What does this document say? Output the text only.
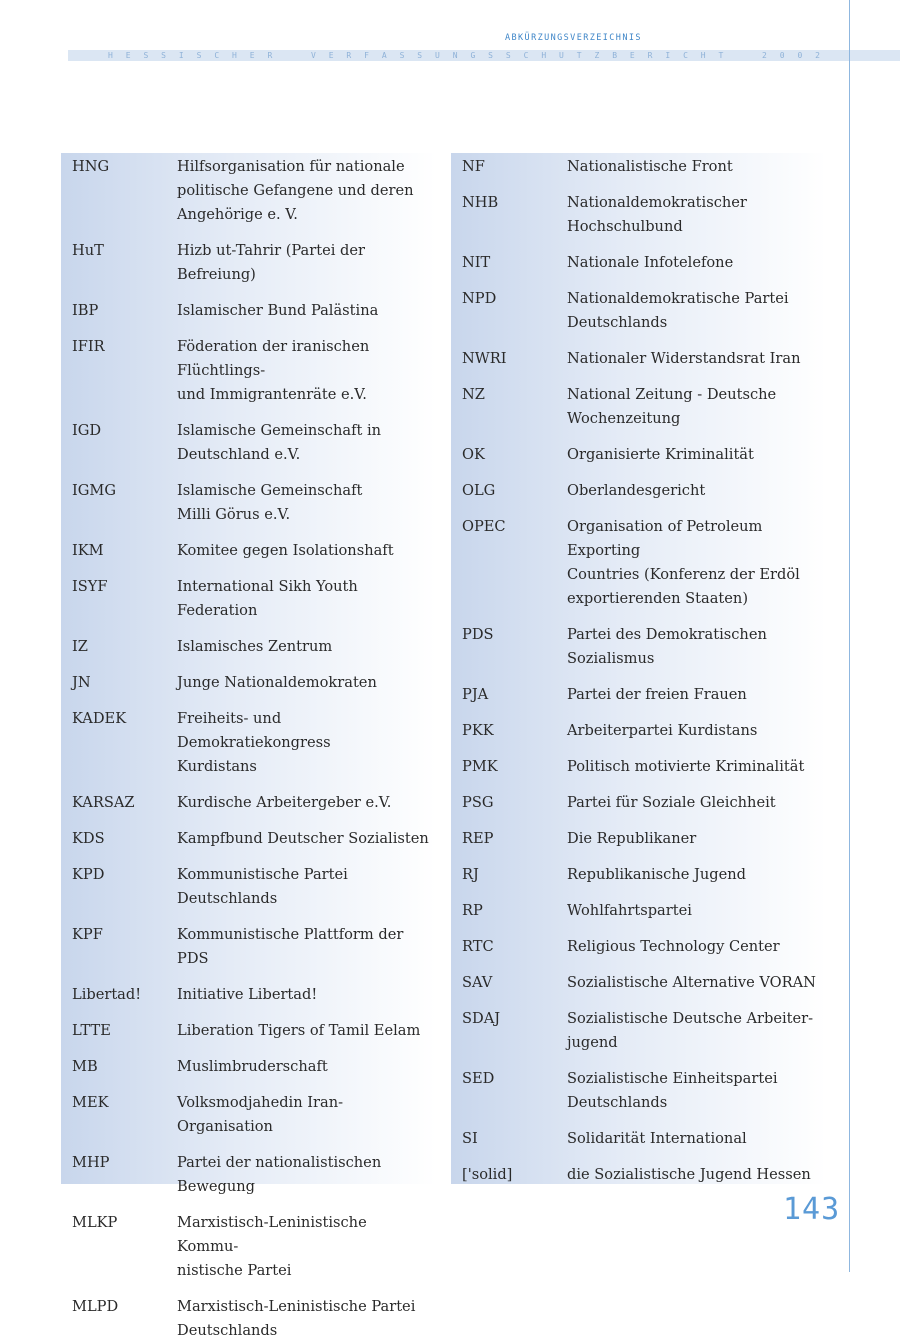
ABKÜRZUNGSVERZEICHNIS
H E S S I S C H E R	V E R F A S S U N G S S C H U T Z B E R I C H T	2 0 0 2
HNG	Hilfsorganisation für nationale
politische Gefangene und deren
Angehörige e. V.
HuT	Hizb ut-Tahrir (Partei der Befreiung)
IBP	Islamischer Bund Palästina
IFIR	Föderation der iranischen Flüchtlings-
und Immigrantenräte e.V.
IGD	Islamische Gemeinschaft in
Deutschland e.V.
IGMG	Islamische Gemeinschaft
Milli Görus e.V.
IKM	Komitee gegen Isolationshaft
ISYF	International Sikh Youth Federation
IZ	Islamisches Zentrum
JN	Junge Nationaldemokraten
KADEK	Freiheits- und Demokratiekongress
Kurdistans
KARSAZ	Kurdische Arbeitergeber e.V.
KDS	Kampfbund Deutscher Sozialisten
KPD	Kommunistische Partei Deutschlands
KPF	Kommunistische Plattform der PDS
Libertad!	Initiative Libertad!
LTTE	Liberation Tigers of Tamil Eelam
MB	Muslimbruderschaft
MEK	Volksmodjahedin Iran-Organisation
MHP	Partei der nationalistischen
Bewegung
MLKP	Marxistisch-Leninistische Kommu-
nistische Partei
MLPD	Marxistisch-Leninistische Partei
Deutschlands
NF	Nationalistische Front
NHB	Nationaldemokratischer
Hochschulbund
NIT	Nationale Infotelefone
NPD	Nationaldemokratische Partei
Deutschlands
NWRI	Nationaler Widerstandsrat Iran
NZ	National Zeitung - Deutsche
Wochenzeitung
OK	Organisierte Kriminalität
OLG	Oberlandesgericht
OPEC	Organisation of Petroleum Exporting
Countries (Konferenz der Erdöl
exportierenden Staaten)
PDS	Partei des Demokratischen
Sozialismus
PJA	Partei der freien Frauen
PKK	Arbeiterpartei Kurdistans
PMK	Politisch motivierte Kriminalität
PSG	Partei für Soziale Gleichheit
REP	Die Republikaner
RJ	Republikanische Jugend
RP	Wohlfahrtspartei
RTC	Religious Technology Center
SAV	Sozialistische Alternative VORAN
SDAJ	Sozialistische Deutsche Arbeiter-
jugend
SED	Sozialistische Einheitspartei
Deutschlands
SI	Solidarität International
['solid]	die Sozialistische Jugend Hessen
143
